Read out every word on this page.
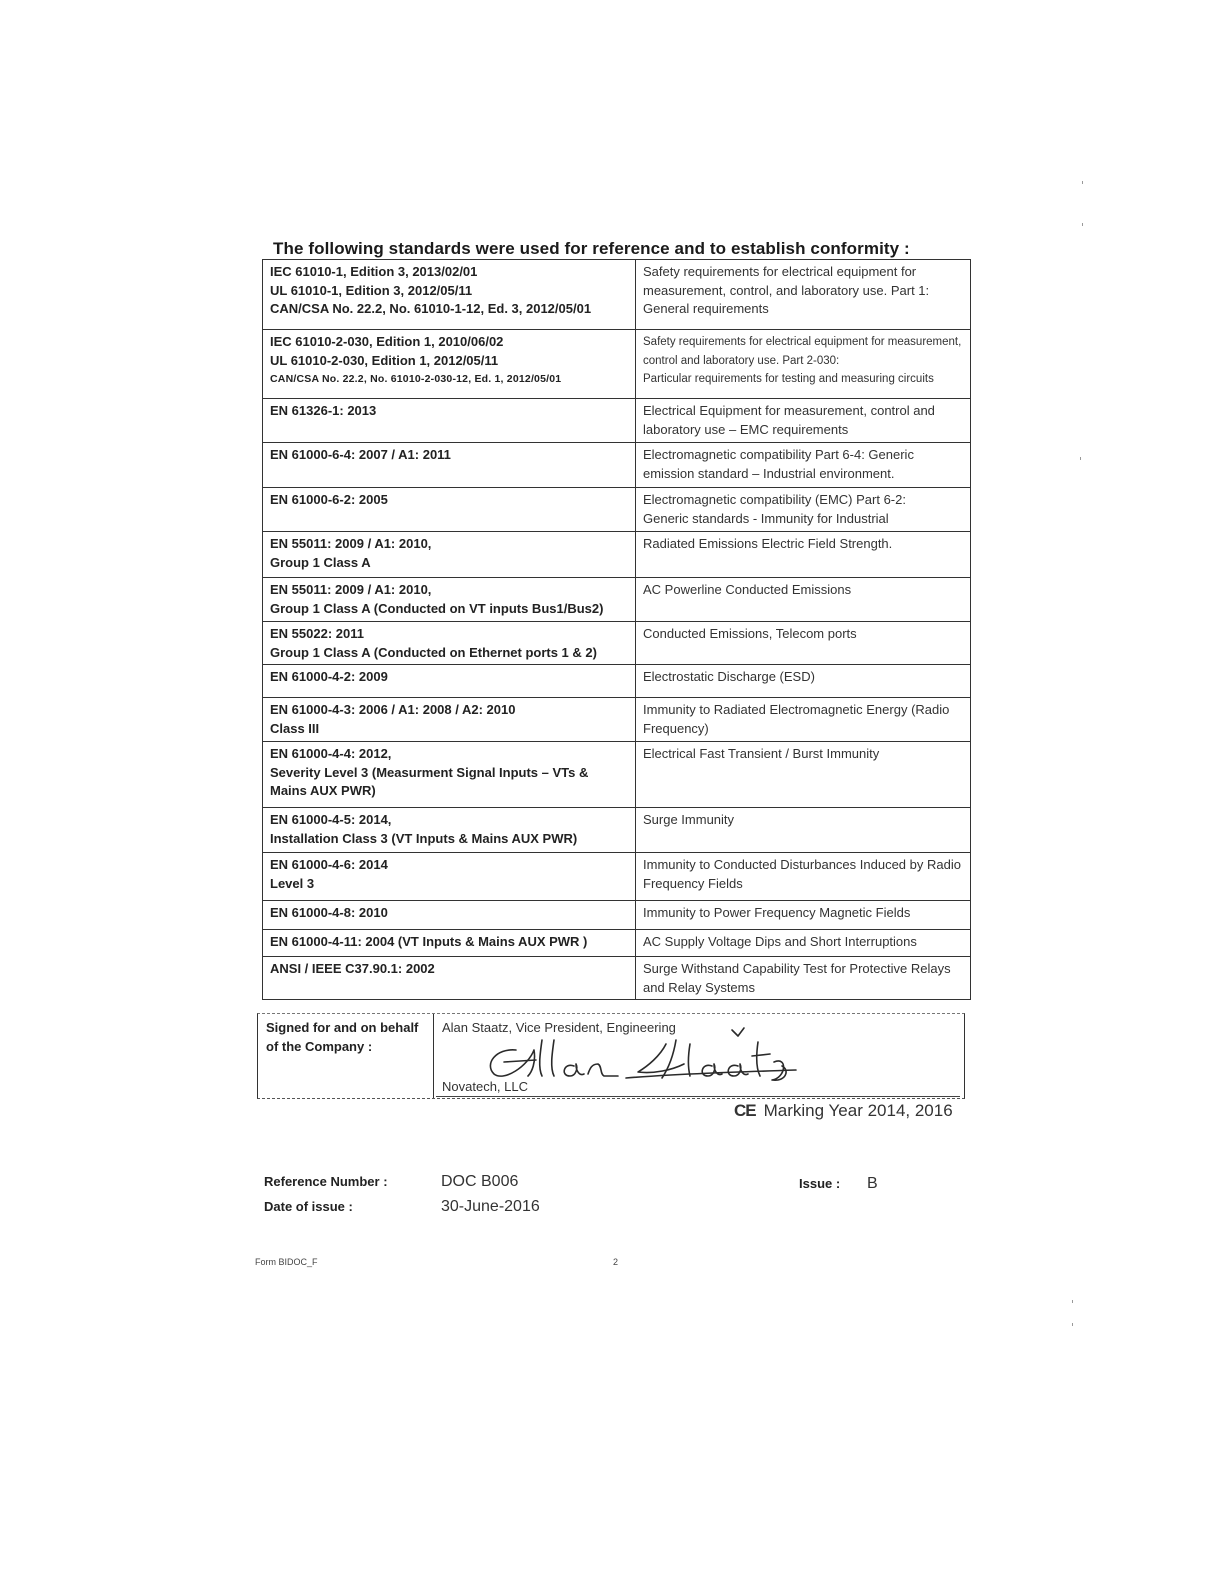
The following standards were used for reference and to establish conformity :
IEC 61010-1, Edition 3, 2013/02/01
UL 61010-1, Edition 3, 2012/05/11
CAN/CSA No. 22.2, No. 61010-1-12, Ed. 3, 2012/05/01	Safety requirements for electrical equipment for measurement, control, and laboratory use. Part 1: General requirements

IEC 61010-2-030, Edition 1, 2010/06/02
UL 61010-2-030, Edition 1, 2012/05/11
CAN/CSA No. 22.2, No. 61010-2-030-12, Ed. 1, 2012/05/01	Safety requirements for electrical equipment for measurement, control and laboratory use. Part 2-030:
Particular requirements for testing and measuring circuits

EN 61326-1: 2013	Electrical Equipment for measurement, control and laboratory use – EMC requirements

EN 61000-6-4: 2007 / A1: 2011	Electromagnetic compatibility Part 6-4: Generic emission standard – Industrial environment.

EN 61000-6-2: 2005	Electromagnetic compatibility (EMC) Part 6-2:
Generic standards - Immunity for Industrial

EN 55011: 2009 / A1: 2010,
Group 1 Class A	Radiated Emissions Electric Field Strength.

EN 55011: 2009 / A1: 2010,
Group 1 Class A (Conducted on VT inputs Bus1/Bus2)	AC Powerline Conducted Emissions

EN 55022: 2011
Group 1 Class A (Conducted on Ethernet ports 1 & 2)	Conducted Emissions, Telecom ports

EN 61000-4-2: 2009	Electrostatic Discharge (ESD)

EN 61000-4-3: 2006 / A1: 2008 / A2: 2010
Class III	Immunity to Radiated Electromagnetic Energy (Radio Frequency)

EN 61000-4-4: 2012,
Severity Level 3 (Measurment Signal Inputs – VTs &
Mains AUX PWR)	Electrical Fast Transient / Burst Immunity

EN 61000-4-5: 2014,
Installation Class 3 (VT Inputs & Mains AUX PWR)	Surge Immunity

EN 61000-4-6: 2014
Level 3	Immunity to Conducted Disturbances Induced by Radio Frequency Fields

EN 61000-4-8: 2010	Immunity to Power Frequency Magnetic Fields

EN 61000-4-11: 2004 (VT Inputs & Mains AUX PWR )	AC Supply Voltage Dips and Short Interruptions

ANSI / IEEE C37.90.1: 2002	Surge Withstand Capability Test for Protective Relays and Relay Systems
Signed for and on behalf
of the Company :
Alan Staatz, Vice President, Engineering
Novatech, LLC
CE Marking Year 2014, 2016
Reference Number :	DOC B006
Date of issue :	30-June-2016
Issue : B
Form BIDOC_F	2
